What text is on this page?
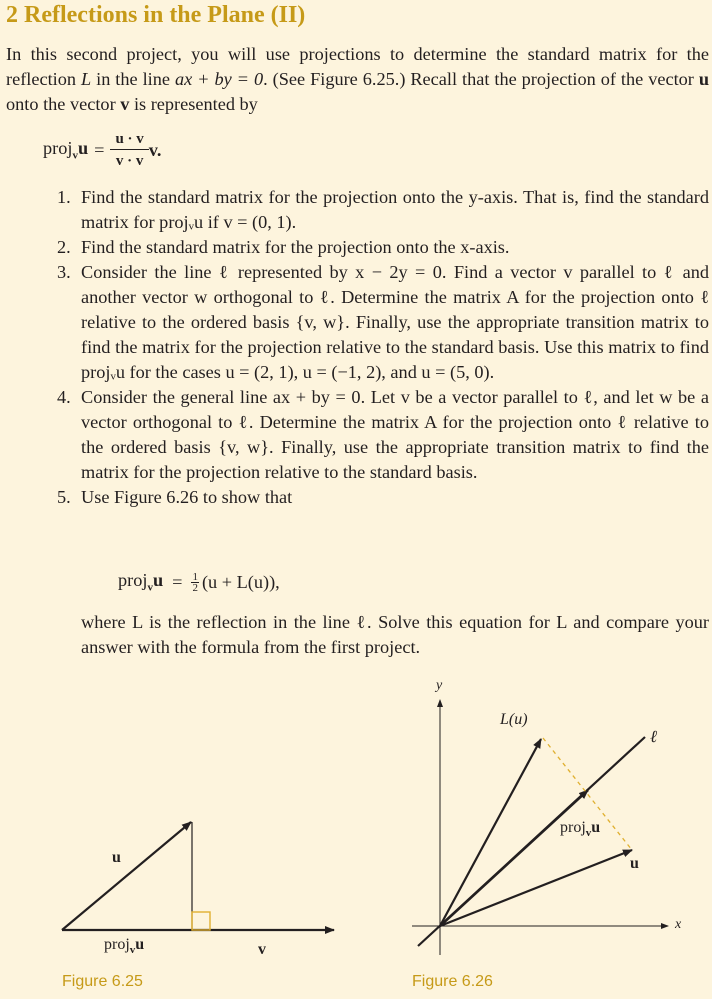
2 Reflections in the Plane (II)

In this second project, you will use projections to determine the standard matrix for the reflection L in the line ax + by = 0. (See Figure 6.25.) Recall that the projection of the vector u onto the vector v is represented by

proj$_v$u = $\frac{u \cdot v}{v \cdot v} v$.
1. Find the standard matrix for the projection onto the y-axis. That is, find the standard matrix for projᵥu if v = (0, 1).
2. Find the standard matrix for the projection onto the x-axis.
3. Consider the line ℓ represented by x − 2y = 0. Find a vector v parallel to ℓ and another vector w orthogonal to ℓ. Determine the matrix A for the projection onto ℓ relative to the ordered basis {v, w}. Finally, use the appropriate transition matrix to find the matrix for the projection relative to the standard basis. Use this matrix to find projᵥu for the cases u = (2, 1), u = (−1, 2), and u = (5, 0).
4. Consider the general line ax + by = 0. Let v be a vector parallel to ℓ, and let w be a vector orthogonal to ℓ. Determine the matrix A for the projection onto ℓ relative to the ordered basis {v, w}. Finally, use the appropriate transition matrix to find the matrix for the projection relative to the standard basis.
5. Use Figure 6.26 to show that
proj$_v$u = $\frac{1}{2} (u + L(u))$,

where L is the reflection in the line ℓ. Solve this equation for L and compare your answer with the formula from the first project.

u
proj$_v$u	v
Figure 6.25
y
x
L(u)
ℓ
proj$_v$u
u
Figure 6.26
